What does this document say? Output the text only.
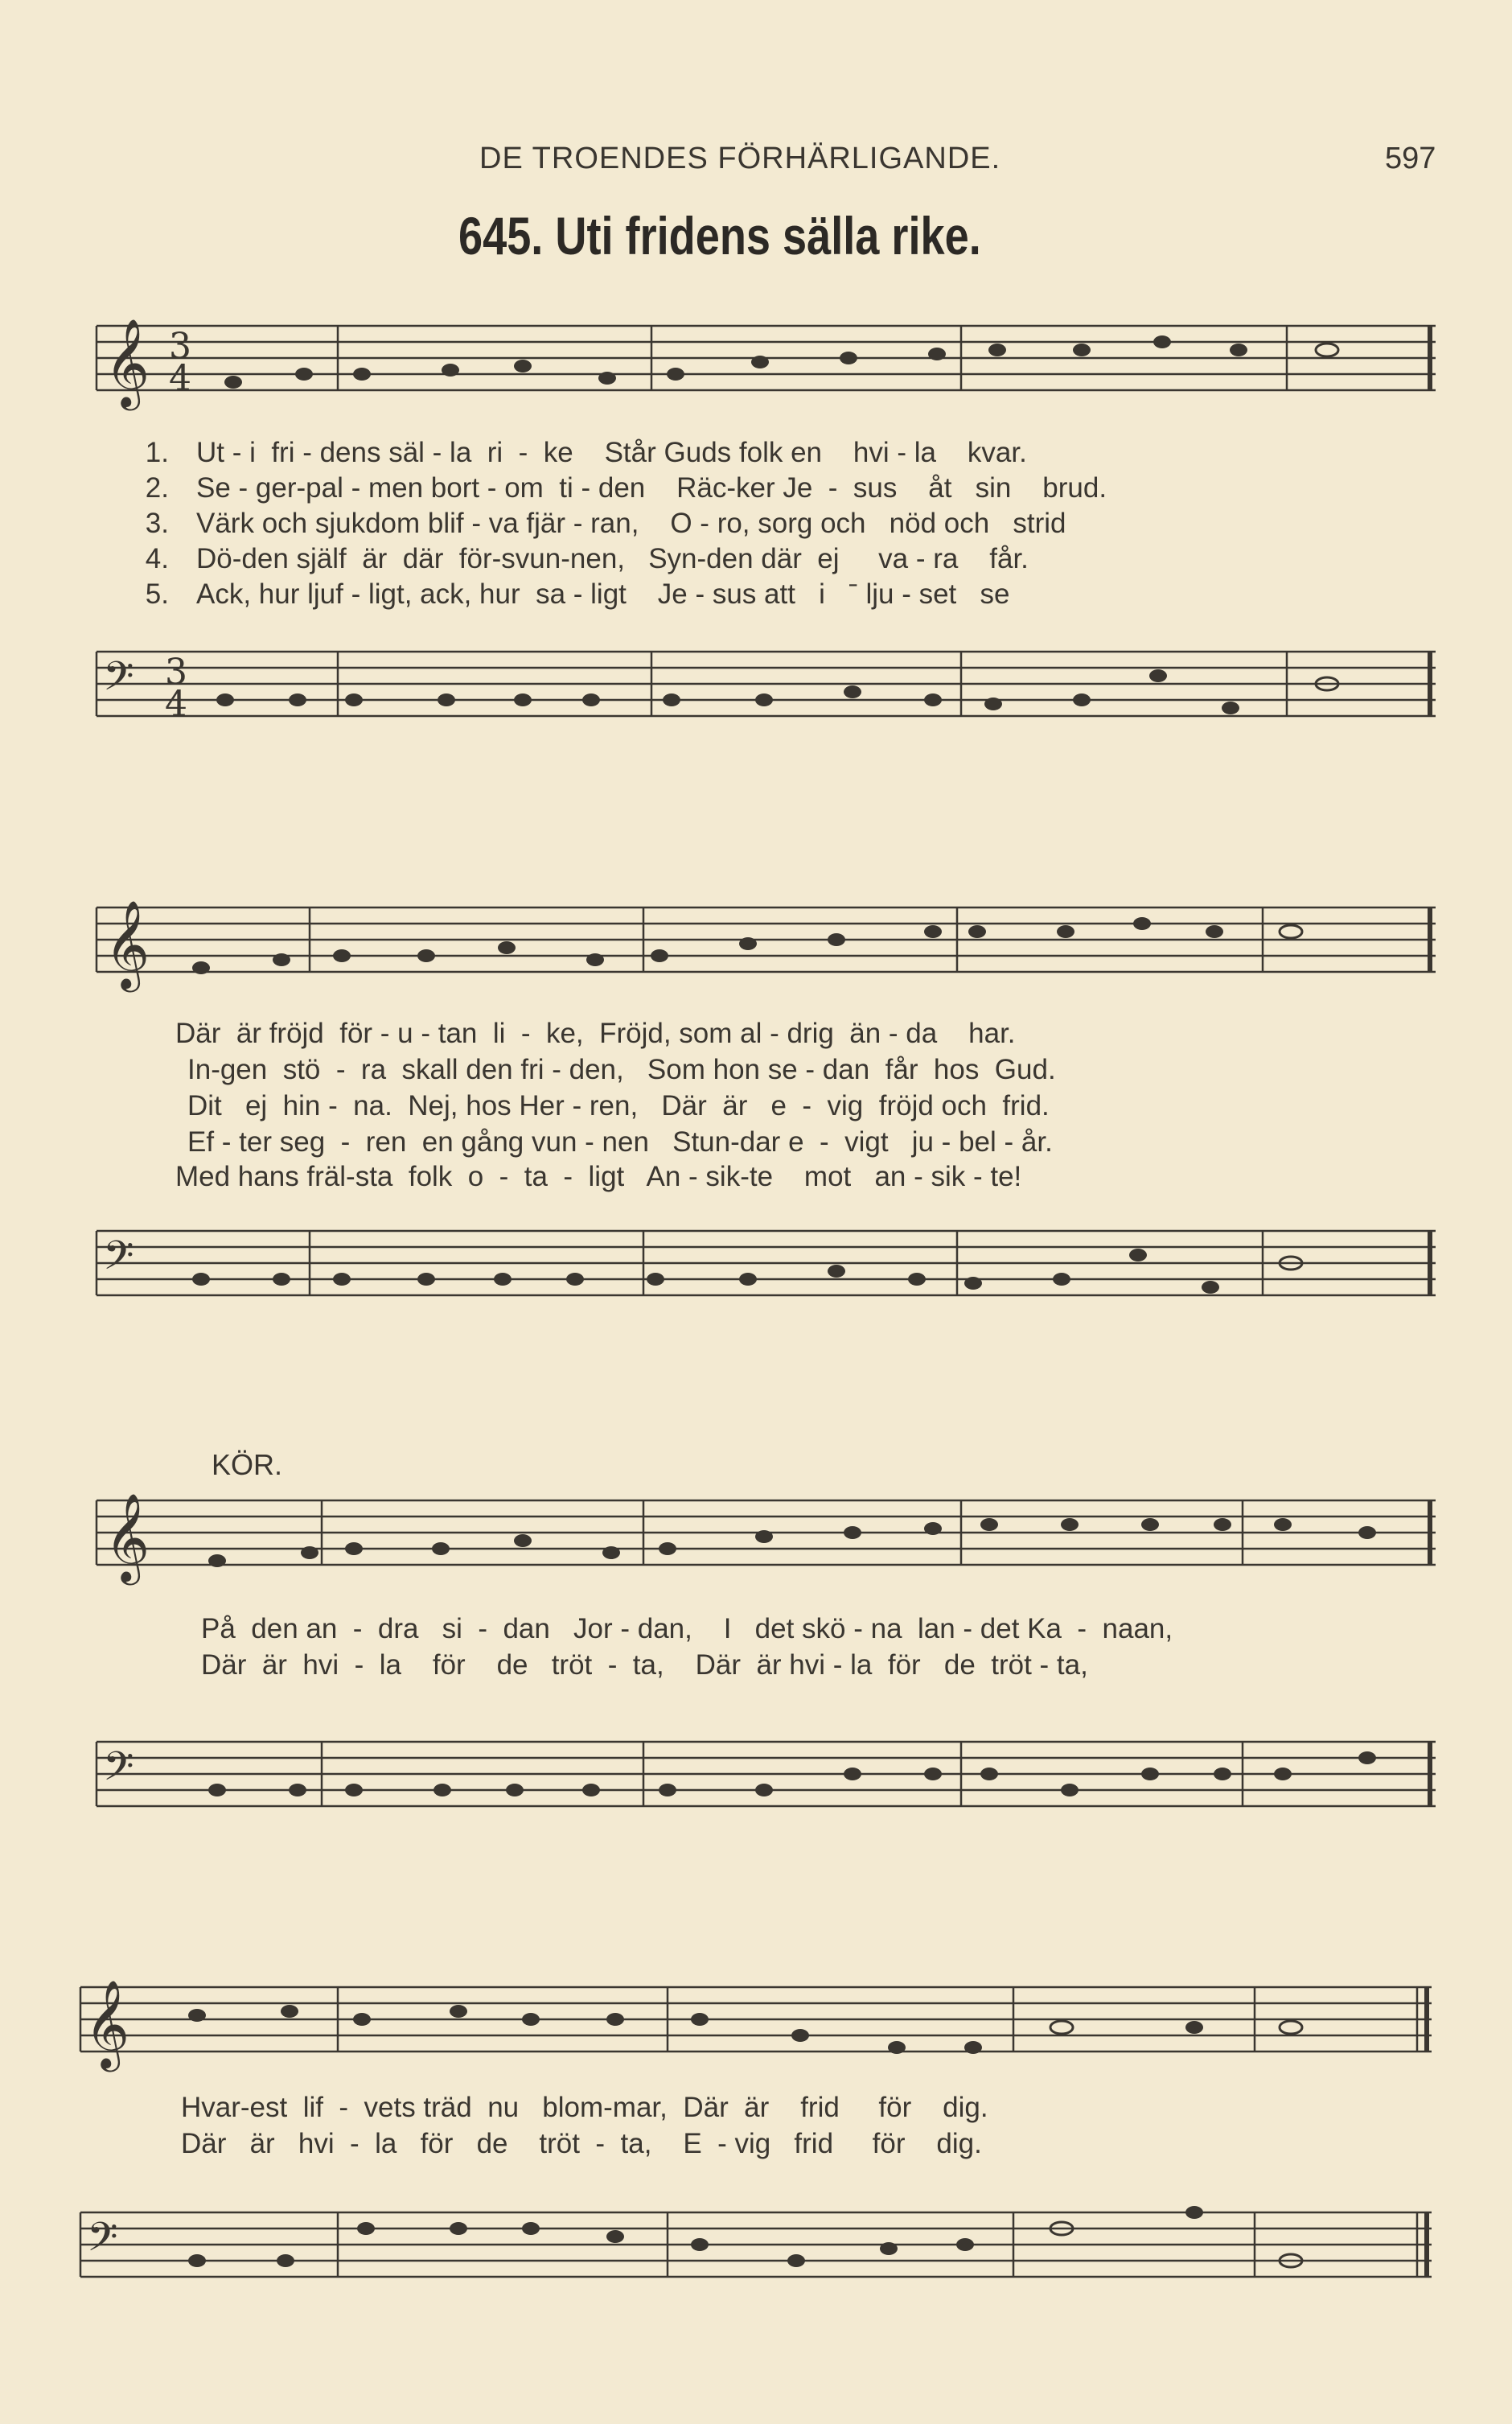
DE TROENDES FÖRHÄRLIGANDE.	597
645. Uti fridens sälla rike.
𝄞 3
4
1. Ut - i  fri - dens säl - la  ri  -  ke    Står Guds folk en    hvi - la    kvar.
2. Se - ger-pal - men bort - om  ti - den    Räc-ker Je  -  sus    åt   sin    brud.
3. Värk och sjukdom blif - va fjär - ran,    O - ro, sorg och   nöd och   strid
4. Dö-den själf  är  där  för-svun-nen,   Syn-den där  ej     va - ra    får.
5. Ack, hur ljuf - ligt, ack, hur  sa - ligt    Je - sus att   i   ˉ lju - set   se
𝄢 3
4
𝄞
Där  är fröjd  för - u - tan  li  -  ke,  Fröjd, som al - drig  än - da    har.
In-gen  stö  -  ra  skall den fri - den,   Som hon se - dan  får  hos  Gud.
Dit   ej  hin -  na.  Nej, hos Her - ren,   Där  är   e  -  vig  fröjd och  frid.
Ef - ter seg  -  ren  en gång vun - nen   Stun-dar e  -  vigt   ju - bel - år.
Med hans fräl-sta  folk  o  -  ta  -  ligt   An - sik-te    mot   an - sik - te!
𝄢
KÖR.
𝄞
På  den an  -  dra   si  -  dan   Jor - dan,    I   det skö - na  lan - det Ka  -  naan,
Där  är  hvi  -  la    för    de   tröt  -  ta,    Där  är hvi - la  för   de  tröt - ta,
𝄢
𝄞
Hvar-est  lif  -  vets träd  nu   blom-mar,  Där  är    frid     för    dig.
Där   är   hvi  -  la   för   de    tröt  -  ta,    E  - vig   frid     för    dig.
𝄢
